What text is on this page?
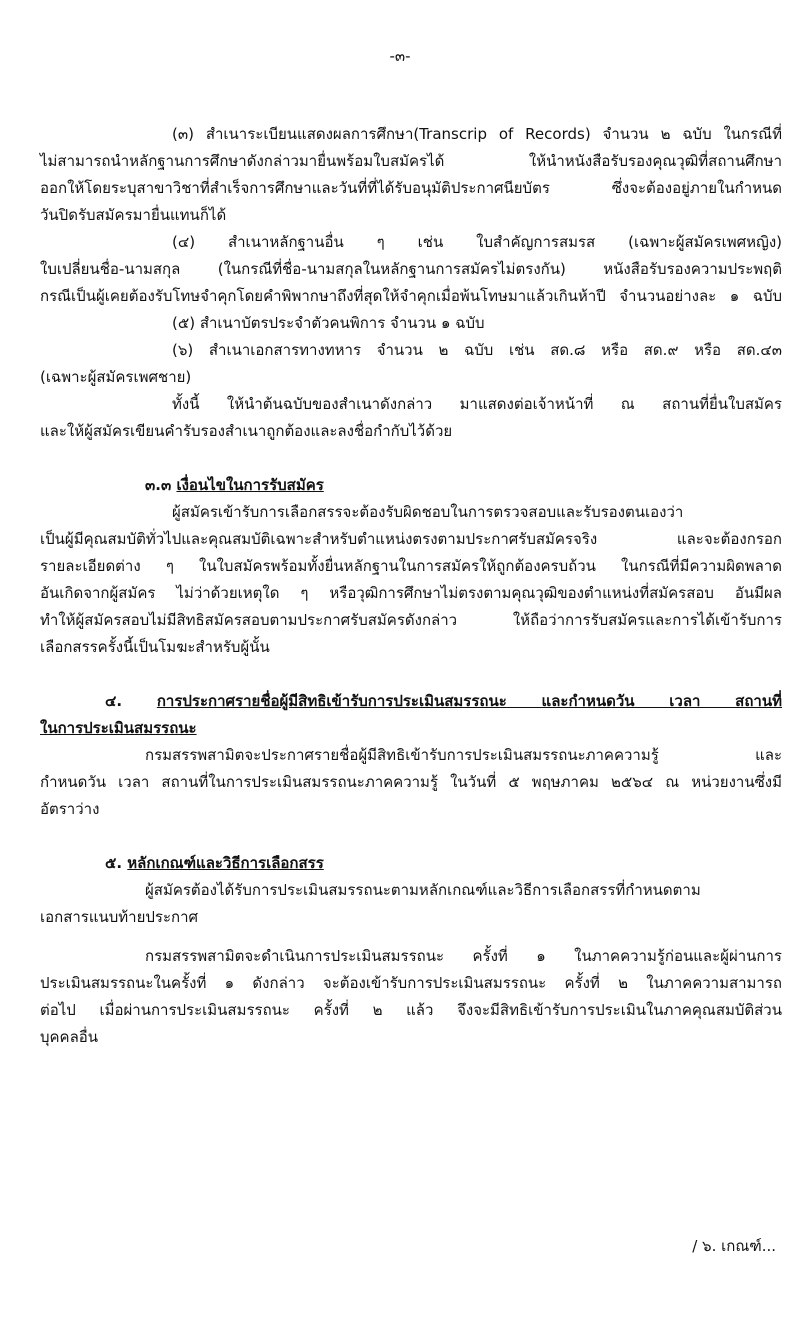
-๓-
(๓) สำเนาระเบียนแสดงผลการศึกษา(Transcrip of Records) จำนวน ๒ ฉบับ ในกรณีที่
ไม่สามารถนำหลักฐานการศึกษาดังกล่าวมายื่นพร้อมใบสมัครได้ ให้นำหนังสือรับรองคุณวุฒิที่สถานศึกษา
ออกให้โดยระบุสาขาวิชาที่สำเร็จการศึกษาและวันที่ที่ได้รับอนุมัติประกาศนียบัตร ซึ่งจะต้องอยู่ภายในกำหนด
วันปิดรับสมัครมายื่นแทนก็ได้
(๔) สำเนาหลักฐานอื่น ๆ เช่น ใบสำคัญการสมรส (เฉพาะผู้สมัครเพศหญิง)
ใบเปลี่ยนชื่อ-นามสกุล (ในกรณีที่ชื่อ-นามสกุลในหลักฐานการสมัครไม่ตรงกัน) หนังสือรับรองความประพฤติ
กรณีเป็นผู้เคยต้องรับโทษจำคุกโดยคำพิพากษาถึงที่สุดให้จำคุกเมื่อพ้นโทษมาแล้วเกินห้าปี จำนวนอย่างละ ๑ ฉบับ
(๕) สำเนาบัตรประจำตัวคนพิการ จำนวน ๑ ฉบับ
(๖) สำเนาเอกสารทางทหาร จำนวน ๒ ฉบับ เช่น สด.๘ หรือ สด.๙ หรือ สด.๔๓
(เฉพาะผู้สมัครเพศชาย)
ทั้งนี้ ให้นำต้นฉบับของสำเนาดังกล่าว มาแสดงต่อเจ้าหน้าที่ ณ สถานที่ยื่นใบสมัคร
และให้ผู้สมัครเขียนคำรับรองสำเนาถูกต้องและลงชื่อกำกับไว้ด้วย
๓.๓ เงื่อนไขในการรับสมัคร
ผู้สมัครเข้ารับการเลือกสรรจะต้องรับผิดชอบในการตรวจสอบและรับรองตนเองว่า
เป็นผู้มีคุณสมบัติทั่วไปและคุณสมบัติเฉพาะสำหรับตำแหน่งตรงตามประกาศรับสมัครจริง และจะต้องกรอก
รายละเอียดต่าง ๆ ในใบสมัครพร้อมทั้งยื่นหลักฐานในการสมัครให้ถูกต้องครบถ้วน ในกรณีที่มีความผิดพลาด
อันเกิดจากผู้สมัคร ไม่ว่าด้วยเหตุใด ๆ หรือวุฒิการศึกษาไม่ตรงตามคุณวุฒิของตำแหน่งที่สมัครสอบ อันมีผล
ทำให้ผู้สมัครสอบไม่มีสิทธิสมัครสอบตามประกาศรับสมัครดังกล่าว ให้ถือว่าการรับสมัครและการได้เข้ารับการ
เลือกสรรครั้งนี้เป็นโมฆะสำหรับผู้นั้น
๔. การประกาศรายชื่อผู้มีสิทธิเข้ารับการประเมินสมรรถนะ และกำหนดวัน เวลา สถานที่
ในการประเมินสมรรถนะ
กรมสรรพสามิตจะประกาศรายชื่อผู้มีสิทธิเข้ารับการประเมินสมรรถนะภาคความรู้ และ
กำหนดวัน เวลา สถานที่ในการประเมินสมรรถนะภาคความรู้ ในวันที่ ๕ พฤษภาคม ๒๕๖๔ ณ หน่วยงานซึ่งมี
อัตราว่าง
๕. หลักเกณฑ์และวิธีการเลือกสรร
ผู้สมัครต้องได้รับการประเมินสมรรถนะตามหลักเกณฑ์และวิธีการเลือกสรรที่กำหนดตาม
เอกสารแนบท้ายประกาศ
กรมสรรพสามิตจะดำเนินการประเมินสมรรถนะ ครั้งที่ ๑ ในภาคความรู้ก่อนและผู้ผ่านการ
ประเมินสมรรถนะในครั้งที่ ๑ ดังกล่าว จะต้องเข้ารับการประเมินสมรรถนะ ครั้งที่ ๒ ในภาคความสามารถ
ต่อไป เมื่อผ่านการประเมินสมรรถนะ ครั้งที่ ๒ แล้ว จึงจะมีสิทธิเข้ารับการประเมินในภาคคุณสมบัติส่วน
บุคคลอื่น
/ ๖. เกณฑ์...
